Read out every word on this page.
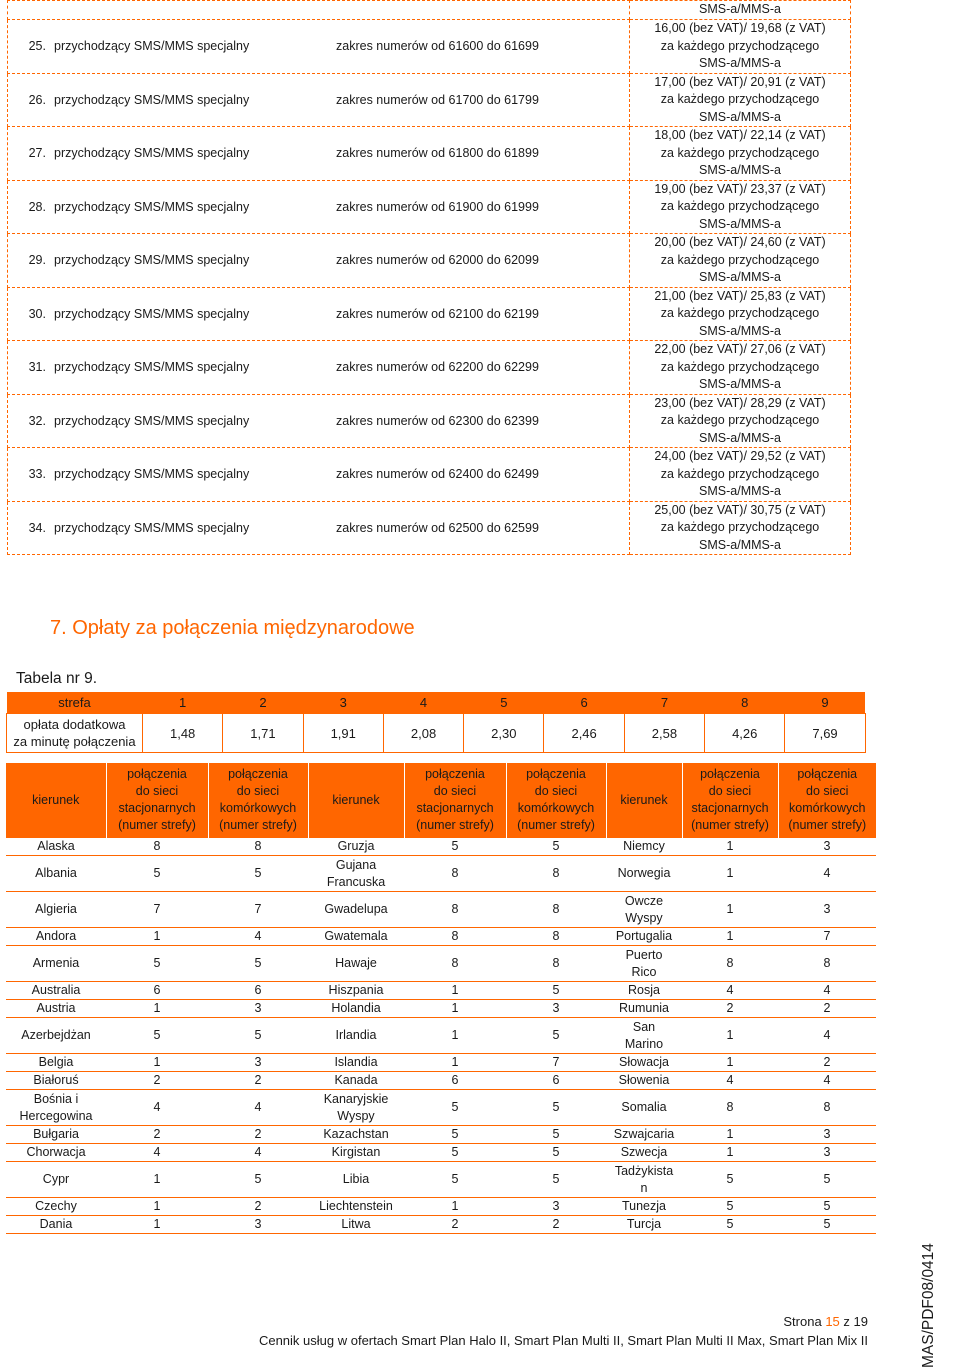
	SMS-a/MMS-a
25. przychodzący SMS/MMS specjalny zakres numerów od 61600 do 61699	16,00 (bez VAT)/ 19,68 (z VAT)
za każdego przychodzącego
SMS-a/MMS-a
26. przychodzący SMS/MMS specjalny zakres numerów od 61700 do 61799	17,00 (bez VAT)/ 20,91 (z VAT)
za każdego przychodzącego
SMS-a/MMS-a
27. przychodzący SMS/MMS specjalny zakres numerów od 61800 do 61899	18,00 (bez VAT)/ 22,14 (z VAT)
za każdego przychodzącego
SMS-a/MMS-a
28. przychodzący SMS/MMS specjalny zakres numerów od 61900 do 61999	19,00 (bez VAT)/ 23,37 (z VAT)
za każdego przychodzącego
SMS-a/MMS-a
29. przychodzący SMS/MMS specjalny zakres numerów od 62000 do 62099	20,00 (bez VAT)/ 24,60 (z VAT)
za każdego przychodzącego
SMS-a/MMS-a
30. przychodzący SMS/MMS specjalny zakres numerów od 62100 do 62199	21,00 (bez VAT)/ 25,83 (z VAT)
za każdego przychodzącego
SMS-a/MMS-a
31. przychodzący SMS/MMS specjalny zakres numerów od 62200 do 62299	22,00 (bez VAT)/ 27,06 (z VAT)
za każdego przychodzącego
SMS-a/MMS-a
32. przychodzący SMS/MMS specjalny zakres numerów od 62300 do 62399	23,00 (bez VAT)/ 28,29 (z VAT)
za każdego przychodzącego
SMS-a/MMS-a
33. przychodzący SMS/MMS specjalny zakres numerów od 62400 do 62499	24,00 (bez VAT)/ 29,52 (z VAT)
za każdego przychodzącego
SMS-a/MMS-a
34. przychodzący SMS/MMS specjalny zakres numerów od 62500 do 62599	25,00 (bez VAT)/ 30,75 (z VAT)
za każdego przychodzącego
SMS-a/MMS-a
7. Opłaty za połączenia międzynarodowe

Tabela nr 9.

strefa	1	2	3	4	5	6	7	8	9
opłata dodatkowa
za minutę połączenia	1,48	1,71	1,91	2,08	2,30	2,46	2,58	4,26	7,69
kierunek	połączenia
do sieci
stacjonarnych
(numer strefy)	połączenia
do sieci
komórkowych
(numer strefy)	kierunek	połączenia
do sieci
stacjonarnych
(numer strefy)	połączenia
do sieci
komórkowych
(numer strefy)	kierunek	połączenia
do sieci
stacjonarnych
(numer strefy)	połączenia
do sieci
komórkowych
(numer strefy)
Alaska	8	8	Gruzja	5	5	Niemcy	1	3
Albania	5	5	Gujana
Francuska	8	8	Norwegia	1	4
Algieria	7	7	Gwadelupa	8	8	Owcze
Wyspy	1	3
Andora	1	4	Gwatemala	8	8	Portugalia	1	7
Armenia	5	5	Hawaje	8	8	Puerto
Rico	8	8
Australia	6	6	Hiszpania	1	5	Rosja	4	4
Austria	1	3	Holandia	1	3	Rumunia	2	2
Azerbejdżan	5	5	Irlandia	1	5	San
Marino	1	4
Belgia	1	3	Islandia	1	7	Słowacja	1	2
Białoruś	2	2	Kanada	6	6	Słowenia	4	4
Bośnia i
Hercegowina	4	4	Kanaryjskie
Wyspy	5	5	Somalia	8	8
Bułgaria	2	2	Kazachstan	5	5	Szwajcaria	1	3
Chorwacja	4	4	Kirgistan	5	5	Szwecja	1	3
Cypr	1	5	Libia	5	5	Tadżykista
n	5	5
Czechy	1	2	Liechtenstein	1	3	Tunezja	5	5
Dania	1	3	Litwa	2	2	Turcja	5	5
MAS/PDF08/0414
Strona 15 z 19
Cennik usług w ofertach Smart Plan Halo II, Smart Plan Multi II, Smart Plan Multi II Max, Smart Plan Mix II
